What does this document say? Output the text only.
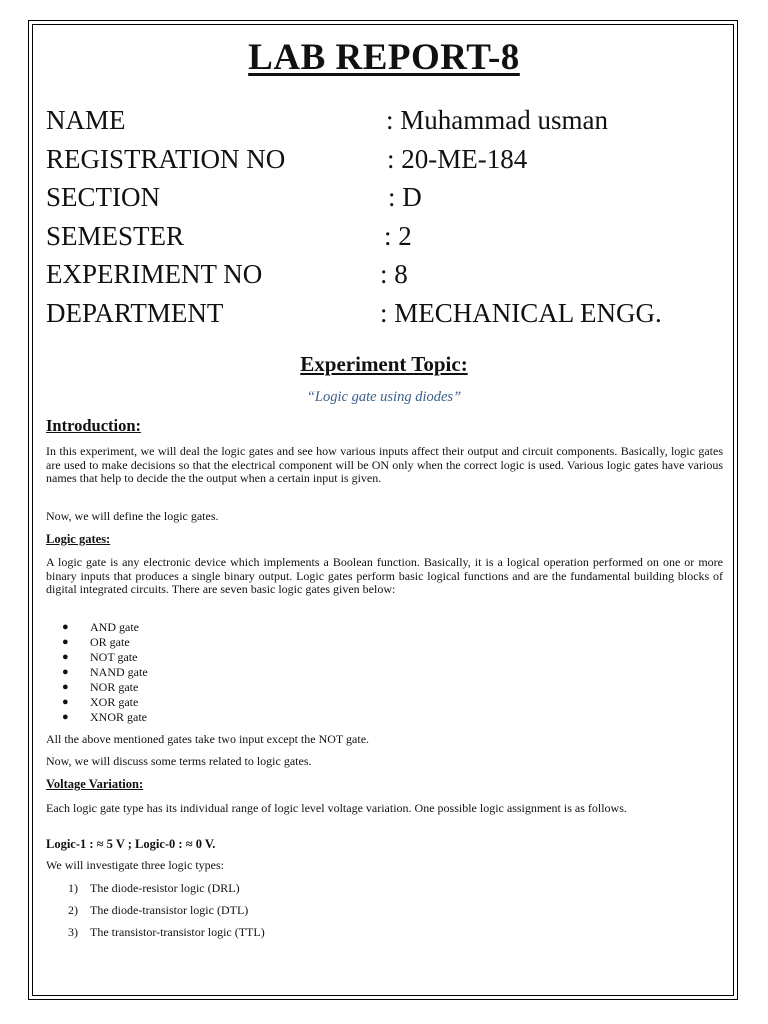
LAB REPORT-8
NAME	: Muhammad usman
REGISTRATION NO	: 20-ME-184
SECTION	: D
SEMESTER	: 2
EXPERIMENT NO	: 8
DEPARTMENT	: MECHANICAL ENGG.
Experiment Topic:
“Logic gate using diodes”
Introduction:
In this experiment, we will deal the logic gates and see how various inputs affect their output and circuit components. Basically, logic gates are used to make decisions so that the electrical component will be ON only when the correct logic is used. Various logic gates have various names that help to decide the the output when a certain input is given.
Now, we will define the logic gates.
Logic gates:
A logic gate is any electronic device which implements a Boolean function. Basically, it is a logical operation performed on one or more binary inputs that produces a single binary output. Logic gates perform basic logical functions and are the fundamental building blocks of digital integrated circuits. There are seven basic logic gates given below:
● AND gate
● OR gate
● NOT gate
● NAND gate
● NOR gate
● XOR gate
● XNOR gate
All the above mentioned gates take two input except the NOT gate.
Now, we will discuss some terms related to logic gates.
Voltage Variation:
Each logic gate type has its individual range of logic level voltage variation. One possible logic assignment is as follows.
Logic-1 : ≈ 5 V ; Logic-0 : ≈ 0 V.
We will investigate three logic types:
1) The diode-resistor logic (DRL)
2) The diode-transistor logic (DTL)
3) The transistor-transistor logic (TTL)
